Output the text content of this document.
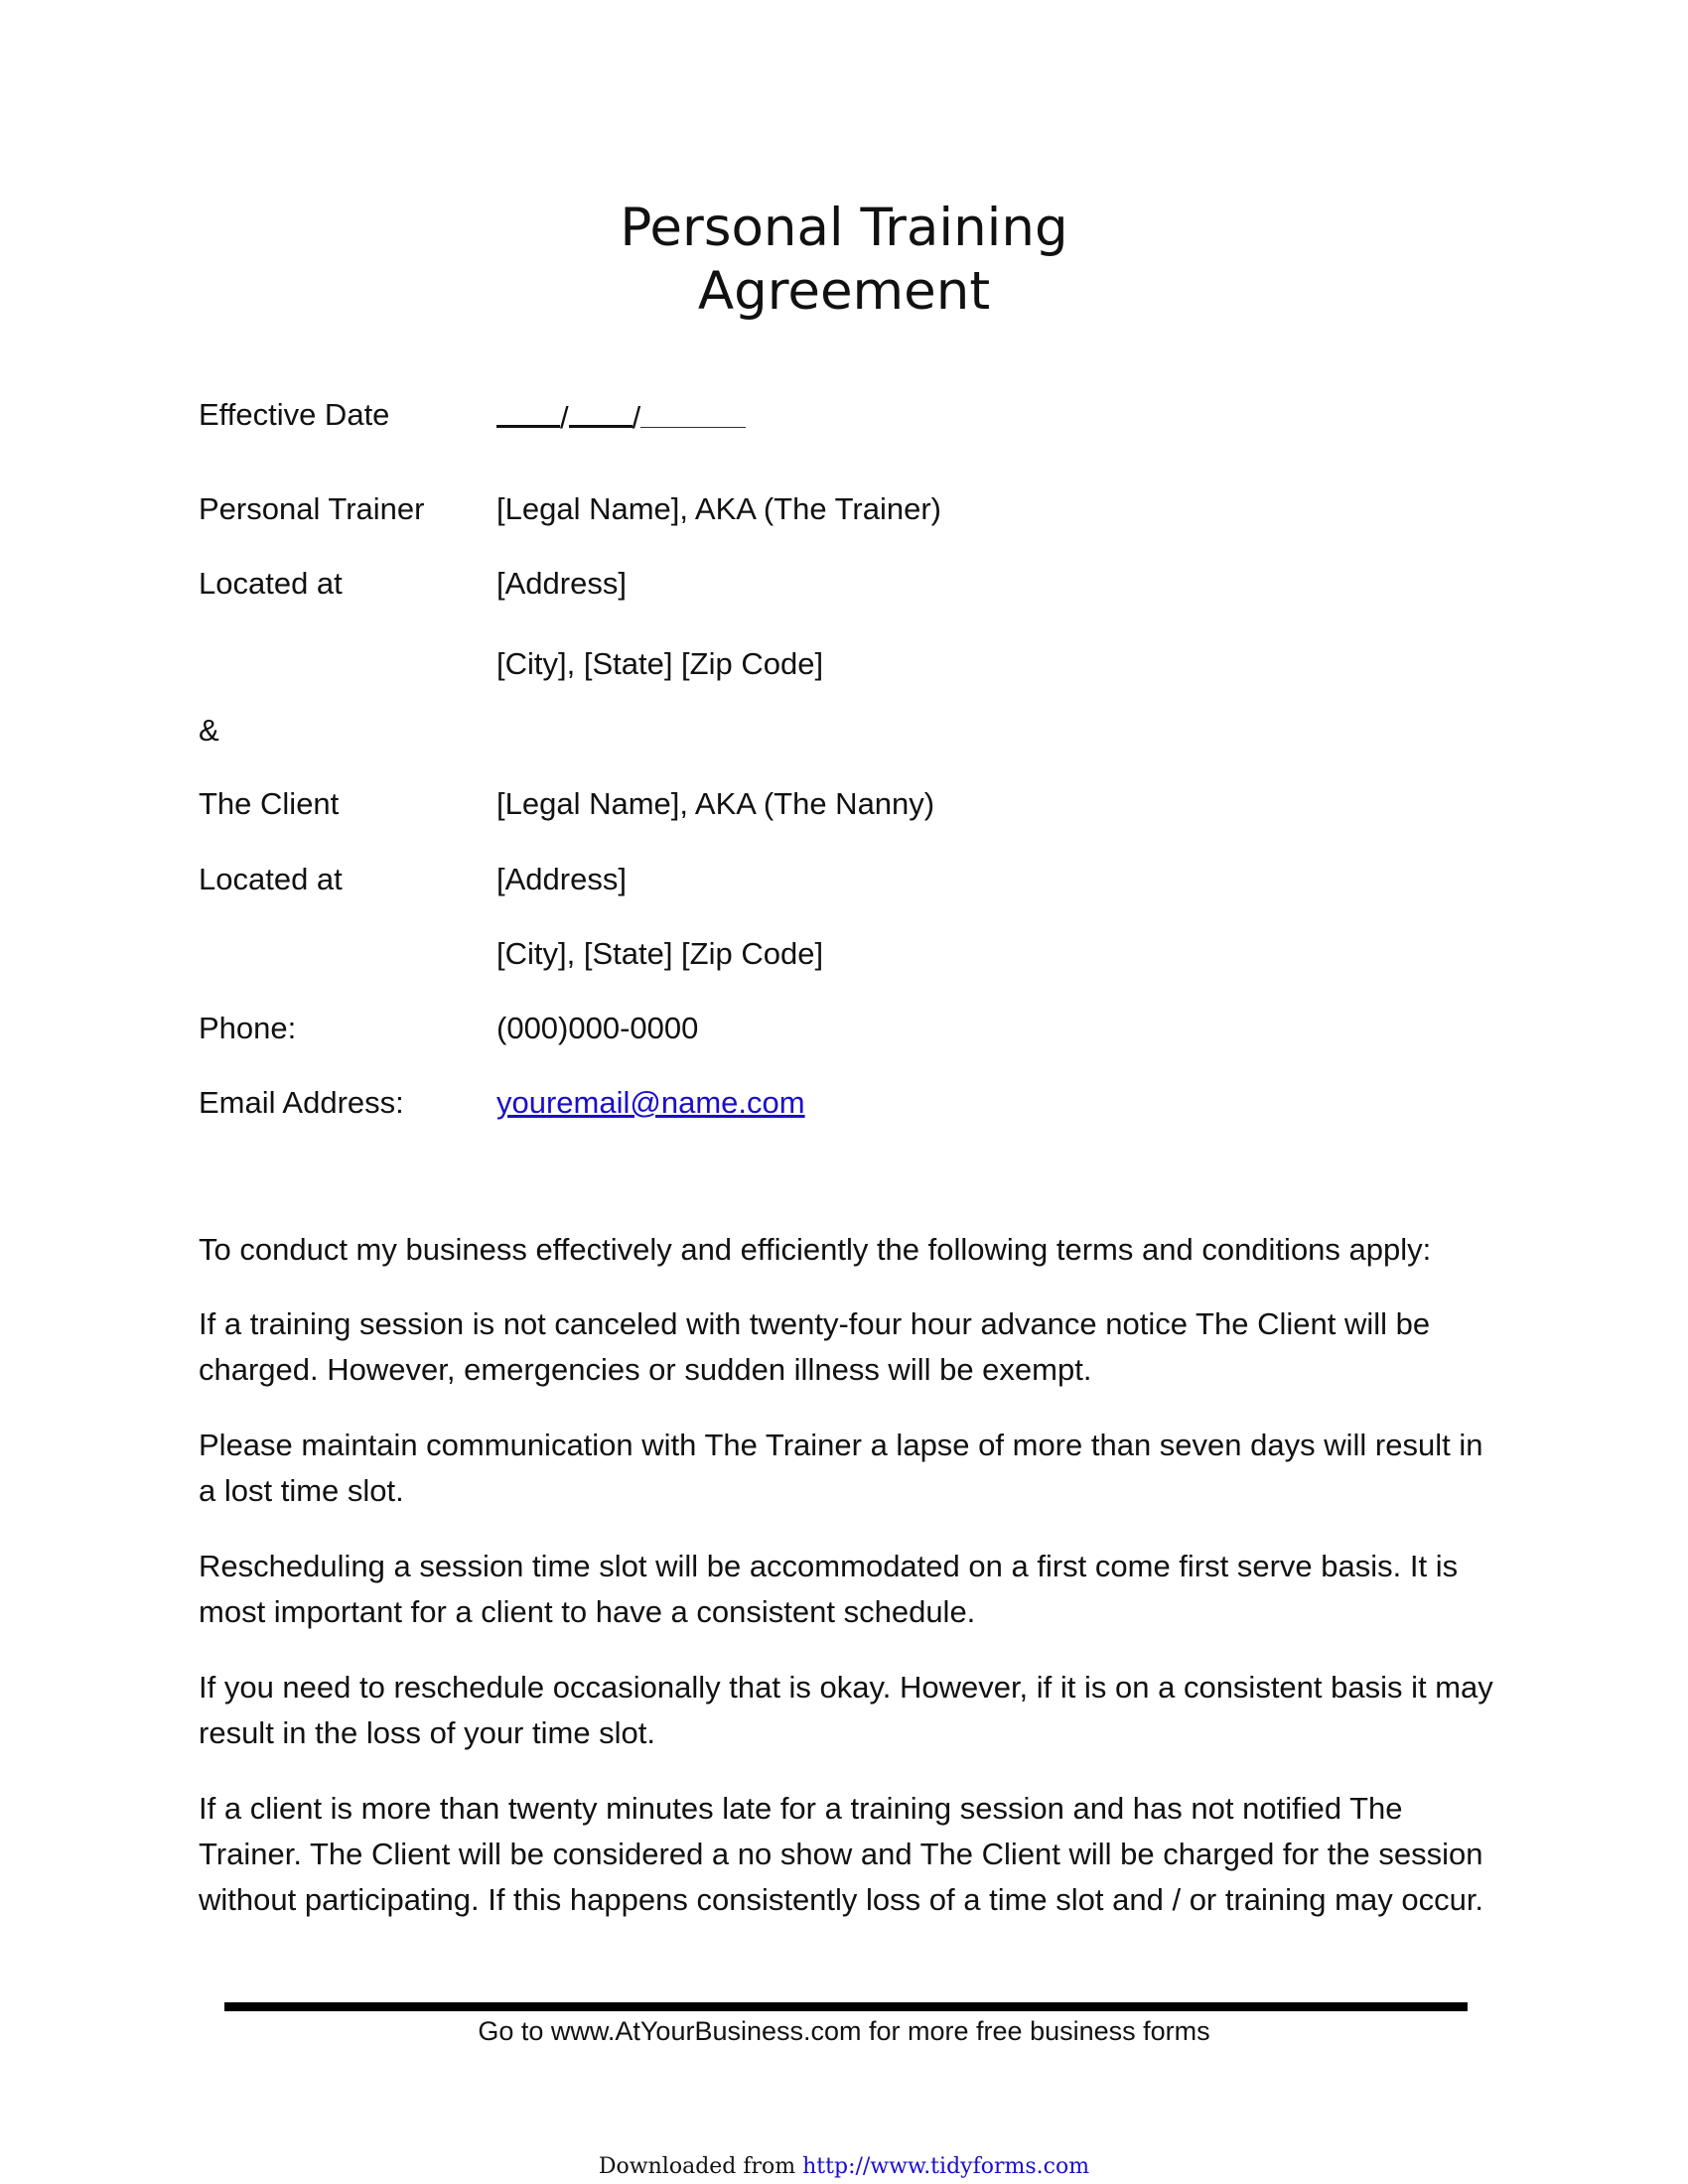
Personal Training
Agreement
Effective Date	/ /
Personal Trainer [Legal Name], AKA (The Trainer)
Located at	[Address]
[City], [State] [Zip Code]
&
The Client	[Legal Name], AKA (The Nanny)
Located at	[Address]
[City], [State] [Zip Code]
Phone:	(000)000-0000
Email Address:	youremail@name.com

To conduct my business effectively and efficiently the following terms and conditions apply:

If a training session is not canceled with twenty-four hour advance notice The Client will be charged. However, emergencies or sudden illness will be exempt.

Please maintain communication with The Trainer a lapse of more than seven days will result in a lost time slot.

Rescheduling a session time slot will be accommodated on a first come first serve basis. It is most important for a client to have a consistent schedule.

If you need to reschedule occasionally that is okay. However, if it is on a consistent basis it may result in the loss of your time slot.

If a client is more than twenty minutes late for a training session and has not notified The Trainer. The Client will be considered a no show and The Client will be charged for the session without participating. If this happens consistently loss of a time slot and / or training may occur.

Go to www.AtYourBusiness.com for more free business forms
Downloaded from http://www.tidyforms.com
